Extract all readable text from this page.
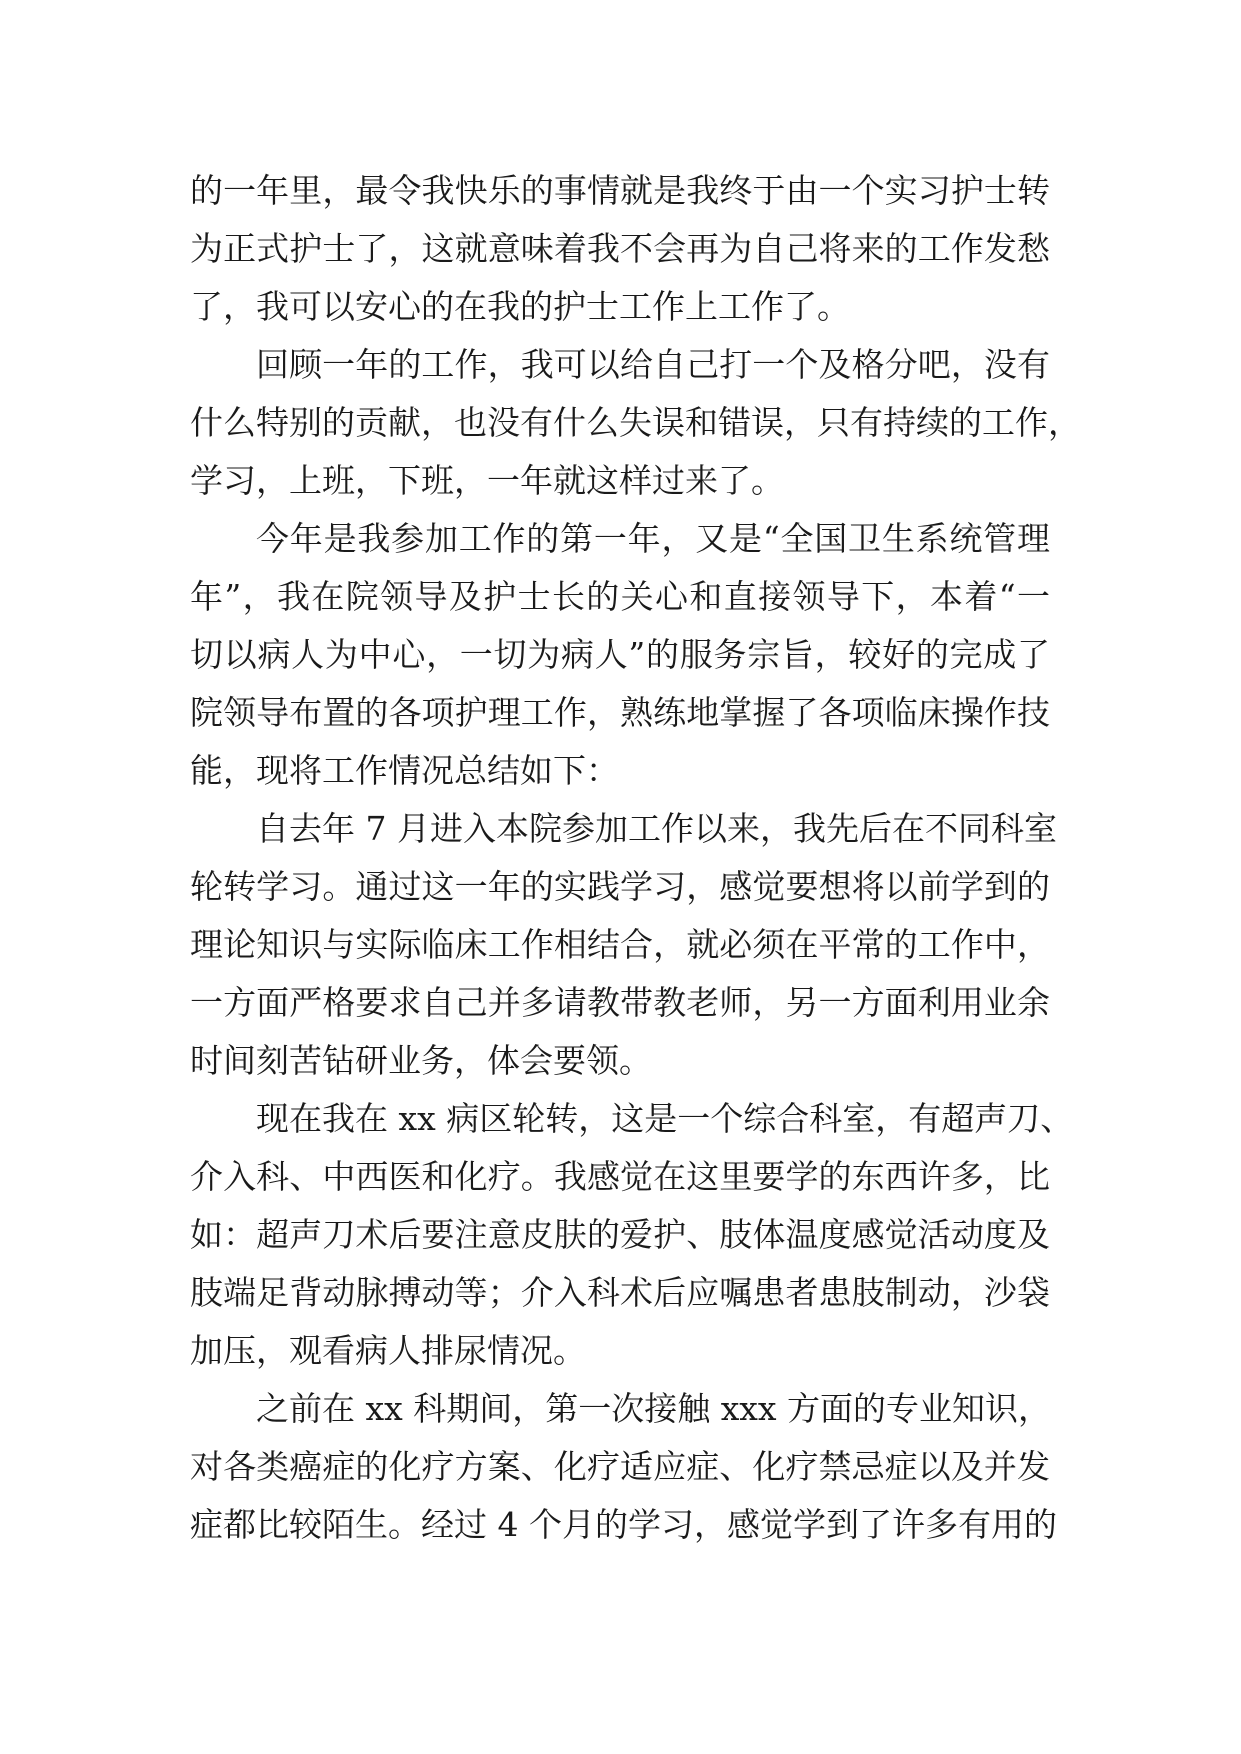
的一年里，最令我快乐的事情就是我终于由一个实习护士转
为正式护士了，这就意味着我不会再为自己将来的工作发愁
了，我可以安心的在我的护士工作上工作了。
回顾一年的工作，我可以给自己打一个及格分吧，没有
什么特别的贡献，也没有什么失误和错误，只有持续的工作，
学习，上班，下班，一年就这样过来了。
今年是我参加工作的第一年，又是“全国卫生系统管理
年”，我在院领导及护士长的关心和直接领导下，本着“一
切以病人为中心，一切为病人”的服务宗旨，较好的完成了
院领导布置的各项护理工作，熟练地掌握了各项临床操作技
能，现将工作情况总结如下：
自去年 7 月进入本院参加工作以来，我先后在不同科室
轮转学习。通过这一年的实践学习，感觉要想将以前学到的
理论知识与实际临床工作相结合，就必须在平常的工作中，
一方面严格要求自己并多请教带教老师，另一方面利用业余
时间刻苦钻研业务，体会要领。
现在我在 xx 病区轮转，这是一个综合科室，有超声刀、
介入科、中西医和化疗。我感觉在这里要学的东西许多，比
如：超声刀术后要注意皮肤的爱护、肢体温度感觉活动度及
肢端足背动脉搏动等；介入科术后应嘱患者患肢制动，沙袋
加压，观看病人排尿情况。
之前在 xx 科期间，第一次接触 xxx 方面的专业知识，
对各类癌症的化疗方案、化疗适应症、化疗禁忌症以及并发
症都比较陌生。经过 4 个月的学习，感觉学到了许多有用的
